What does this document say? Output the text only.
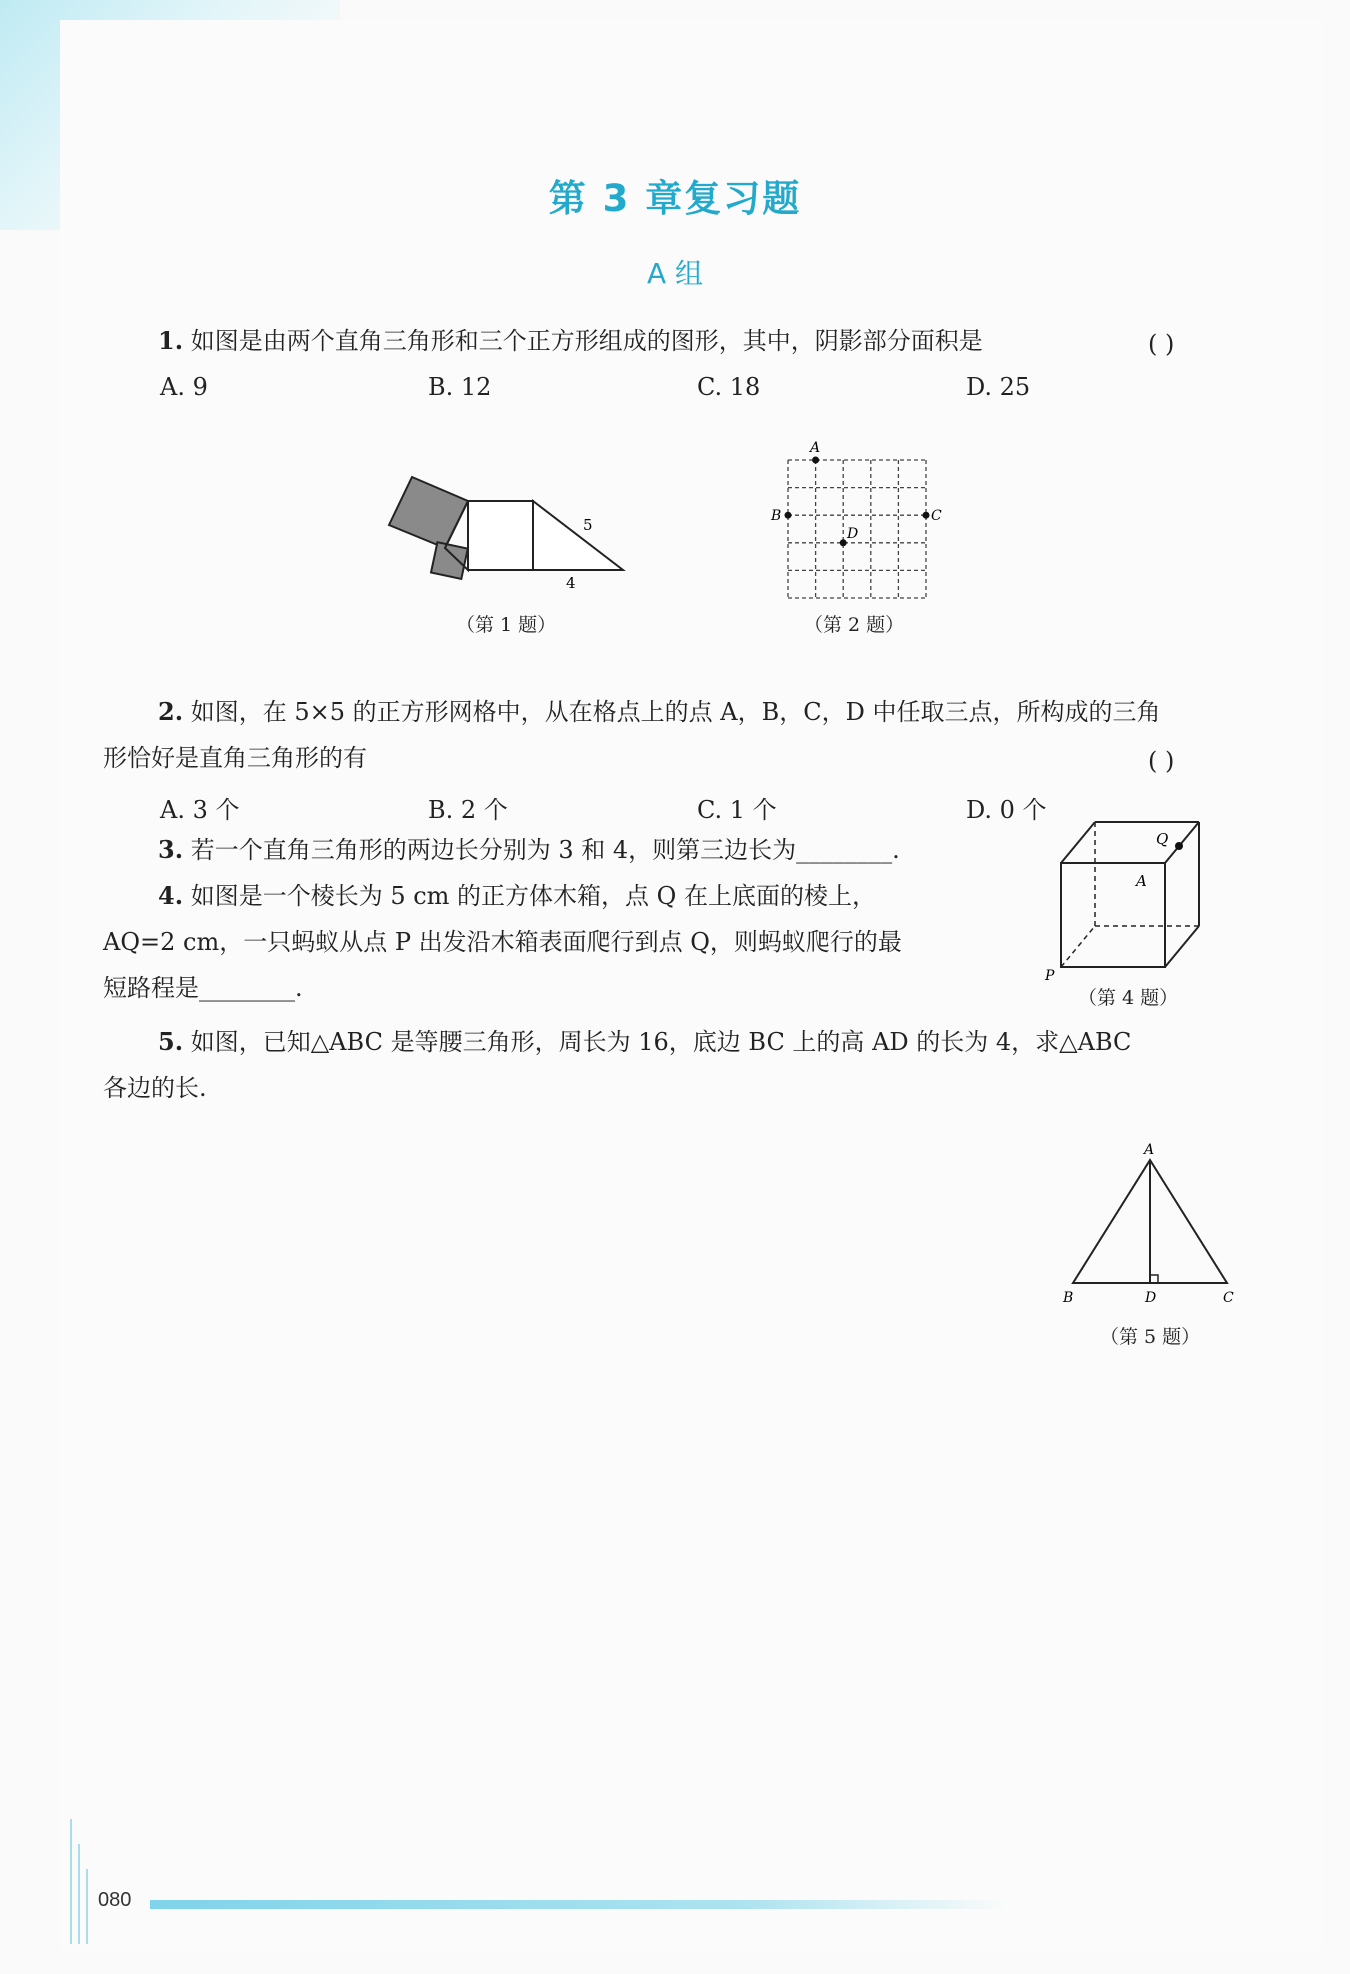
第 3 章复习题
A 组
1. 如图是由两个直角三角形和三个正方形组成的图形，其中，阴影部分面积是	( )
A. 9	B. 12	C. 18	D. 25
5
4
（第 1 题）
A
B	C
D
（第 2 题）
2. 如图，在 5×5 的正方形网格中，从在格点上的点 A，B，C，D 中任取三点，所构成的三角
形恰好是直角三角形的有	( )
A. 3 个	B. 2 个	C. 1 个	D. 0 个
3. 若一个直角三角形的两边长分别为 3 和 4，则第三边长为________.
4. 如图是一个棱长为 5 cm 的正方体木箱，点 Q 在上底面的棱上，
AQ=2 cm，一只蚂蚁从点 P 出发沿木箱表面爬行到点 Q，则蚂蚁爬行的最
短路程是________.
Q
A
P
（第 4 题）
5. 如图，已知△ABC 是等腰三角形，周长为 16，底边 BC 上的高 AD 的长为 4，求△ABC
各边的长.
A
B	D	C
（第 5 题）
080
